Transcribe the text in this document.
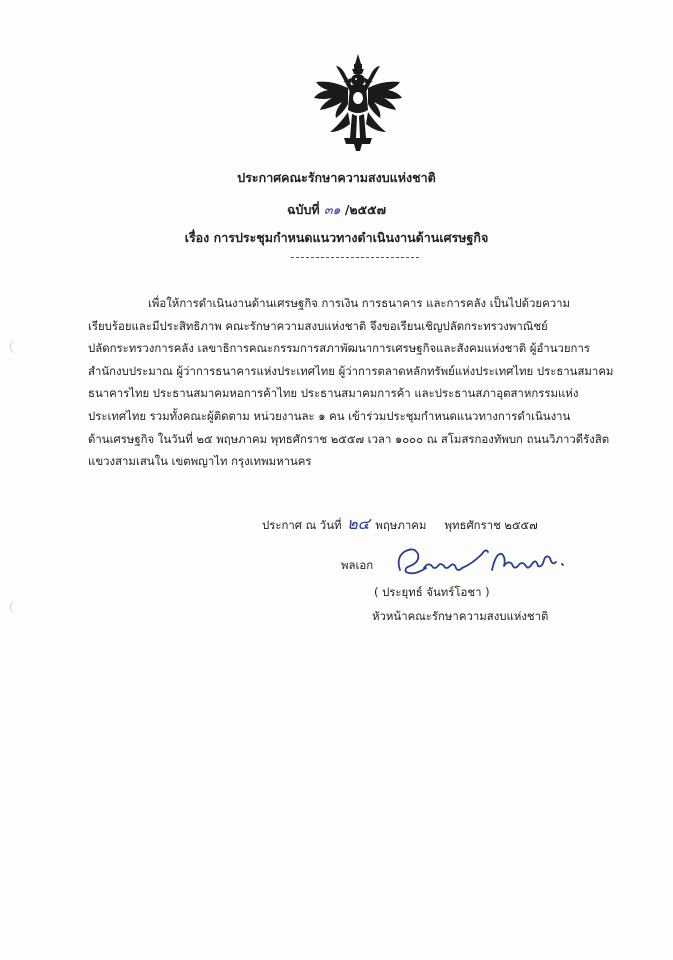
ประกาศคณะรักษาความสงบแห่งชาติ
ฉบับที่ ๓๑ /๒๕๕๗
เรื่อง การประชุมกำหนดแนวทางดำเนินงานด้านเศรษฐกิจ
เพื่อให้การดำเนินงานด้านเศรษฐกิจ การเงิน การธนาคาร และการคลัง เป็นไปด้วยความ
เรียบร้อยและมีประสิทธิภาพ คณะรักษาความสงบแห่งชาติ จึงขอเรียนเชิญปลัดกระทรวงพาณิชย์
ปลัดกระทรวงการคลัง เลขาธิการคณะกรรมการสภาพัฒนาการเศรษฐกิจและสังคมแห่งชาติ ผู้อำนวยการ
สำนักงบประมาณ ผู้ว่าการธนาคารแห่งประเทศไทย ผู้ว่าการตลาดหลักทรัพย์แห่งประเทศไทย ประธานสมาคม
ธนาคารไทย ประธานสมาคมหอการค้าไทย ประธานสมาคมการค้า และประธานสภาอุตสาหกรรมแห่ง
ประเทศไทย รวมทั้งคณะผู้ติดตาม หน่วยงานละ ๑ คน เข้าร่วมประชุมกำหนดแนวทางการดำเนินงาน
ด้านเศรษฐกิจ ในวันที่ ๒๕ พฤษภาคม พุทธศักราช ๒๕๕๗ เวลา ๑๐๐๐ ณ สโมสรกองทัพบก ถนนวิภาวดีรังสิต
แขวงสามเสนใน เขตพญาไท กรุงเทพมหานคร
ประกาศ ณ วันที่ ๒๔ พฤษภาคม พุทธศักราช ๒๕๕๗
พลเอก
( ประยุทธ์ จันทร์โอชา )
หัวหน้าคณะรักษาความสงบแห่งชาติ
